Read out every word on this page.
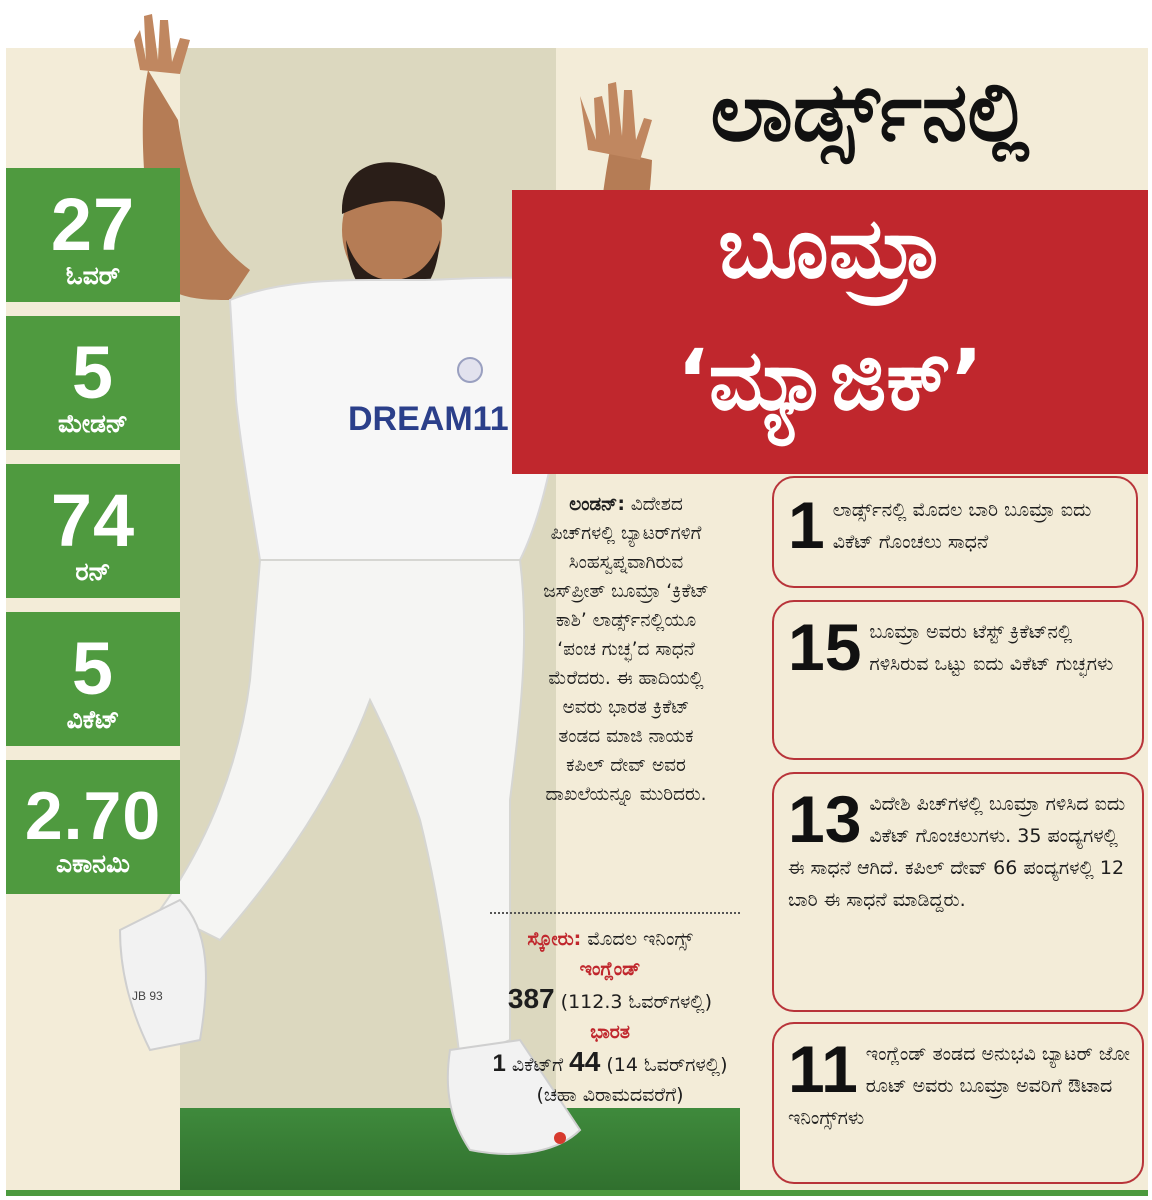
DREAM11
JB 93
27
ಓವರ್
5
ಮೇಡನ್
74
ರನ್
5
ವಿಕೆಟ್
2.70
ಎಕಾನಮಿ
ಲಾರ್ಡ್ಸ್‌ನಲ್ಲಿ
ಬೂಮ್ರಾ
‘ಮ್ಯಾಜಿಕ್’

ಲಂಡನ್: ವಿದೇಶದ

ಪಿಚ್‌ಗಳಲ್ಲಿ ಬ್ಯಾಟರ್‌ಗಳಿಗೆ

ಸಿಂಹಸ್ವಪ್ನವಾಗಿರುವ

ಜಸ್‌ಪ್ರೀತ್ ಬೂಮ್ರಾ ‘ಕ್ರಿಕೆಟ್

ಕಾಶಿ’ ಲಾರ್ಡ್ಸ್‌ನಲ್ಲಿಯೂ

‘ಪಂಚ ಗುಚ್ಛ’ದ ಸಾಧನೆ

ಮೆರೆದರು. ಈ ಹಾದಿಯಲ್ಲಿ

ಅವರು ಭಾರತ ಕ್ರಿಕೆಟ್

ತಂಡದ ಮಾಜಿ ನಾಯಕ

ಕಪಿಲ್ ದೇವ್ ಅವರ

ದಾಖಲೆಯನ್ನೂ ಮುರಿದರು.

ಸ್ಕೋರು: ಮೊದಲ ಇನಿಂಗ್ಸ್
ಇಂಗ್ಲೆಂಡ್
387 (112.3 ಓವರ್‌ಗಳಲ್ಲಿ)
ಭಾರತ
1 ವಿಕೆಟ್‌ಗೆ 44 (14 ಓವರ್‌ಗಳಲ್ಲಿ)
(ಚಹಾ ವಿರಾಮದವರೆಗೆ)
1 ಲಾರ್ಡ್ಸ್‌ನಲ್ಲಿ ಮೊದಲ ಬಾರಿ ಬೂಮ್ರಾ ಐದು ವಿಕೆಟ್ ಗೊಂಚಲು ಸಾಧನೆ
15 ಬೂಮ್ರಾ ಅವರು ಟೆಸ್ಟ್ ಕ್ರಿಕೆಟ್‌ನಲ್ಲಿ ಗಳಿಸಿರುವ ಒಟ್ಟು ಐದು ವಿಕೆಟ್ ಗುಚ್ಛಗಳು
13 ವಿದೇಶಿ ಪಿಚ್‌ಗಳಲ್ಲಿ ಬೂಮ್ರಾ ಗಳಿಸಿದ ಐದು ವಿಕೆಟ್ ಗೊಂಚಲುಗಳು. 35 ಪಂದ್ಯಗಳಲ್ಲಿ ಈ ಸಾಧನೆ ಆಗಿದೆ. ಕಪಿಲ್ ದೇವ್ 66 ಪಂದ್ಯಗಳಲ್ಲಿ 12 ಬಾರಿ ಈ ಸಾಧನೆ ಮಾಡಿದ್ದರು.
11 ಇಂಗ್ಲೆಂಡ್ ತಂಡದ ಅನುಭವಿ ಬ್ಯಾಟರ್ ಜೋ ರೂಟ್ ಅವರು ಬೂಮ್ರಾ ಅವರಿಗೆ ಔಟಾದ ಇನಿಂಗ್ಸ್‌ಗಳು
